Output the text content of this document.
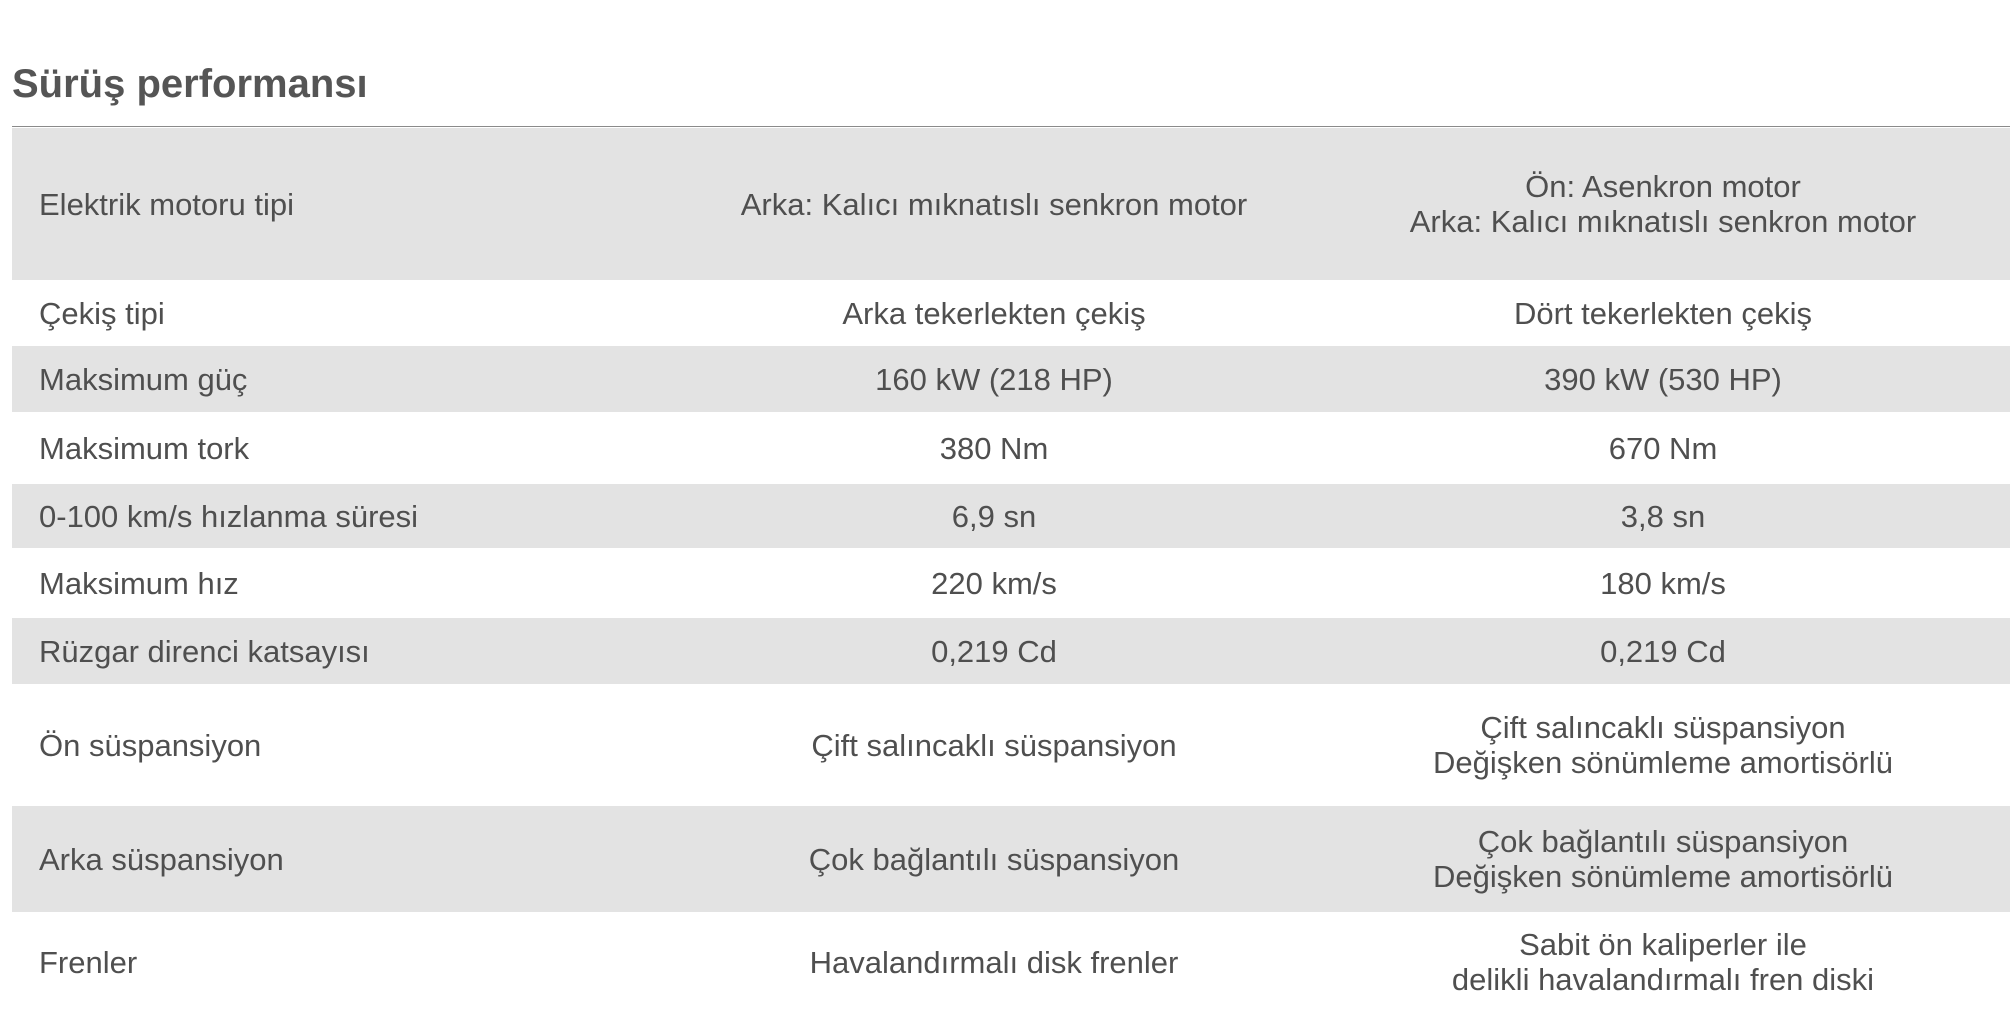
Sürüş performansı
Elektrik motoru tipi	Arka: Kalıcı mıknatıslı senkron motor	Ön: Asenkron motor
Arka: Kalıcı mıknatıslı senkron motor
Çekiş tipi	Arka tekerlekten çekiş	Dört tekerlekten çekiş
Maksimum güç	160 kW (218 HP)	390 kW (530 HP)
Maksimum tork	380 Nm	670 Nm
0-100 km/s hızlanma süresi	6,9 sn	3,8 sn
Maksimum hız	220 km/s	180 km/s
Rüzgar direnci katsayısı	0,219 Cd	0,219 Cd
Ön süspansiyon	Çift salıncaklı süspansiyon	Çift salıncaklı süspansiyon
Değişken sönümleme amortisörlü
Arka süspansiyon	Çok bağlantılı süspansiyon	Çok bağlantılı süspansiyon
Değişken sönümleme amortisörlü
Frenler	Havalandırmalı disk frenler	Sabit ön kaliperler ile
delikli havalandırmalı fren diski
